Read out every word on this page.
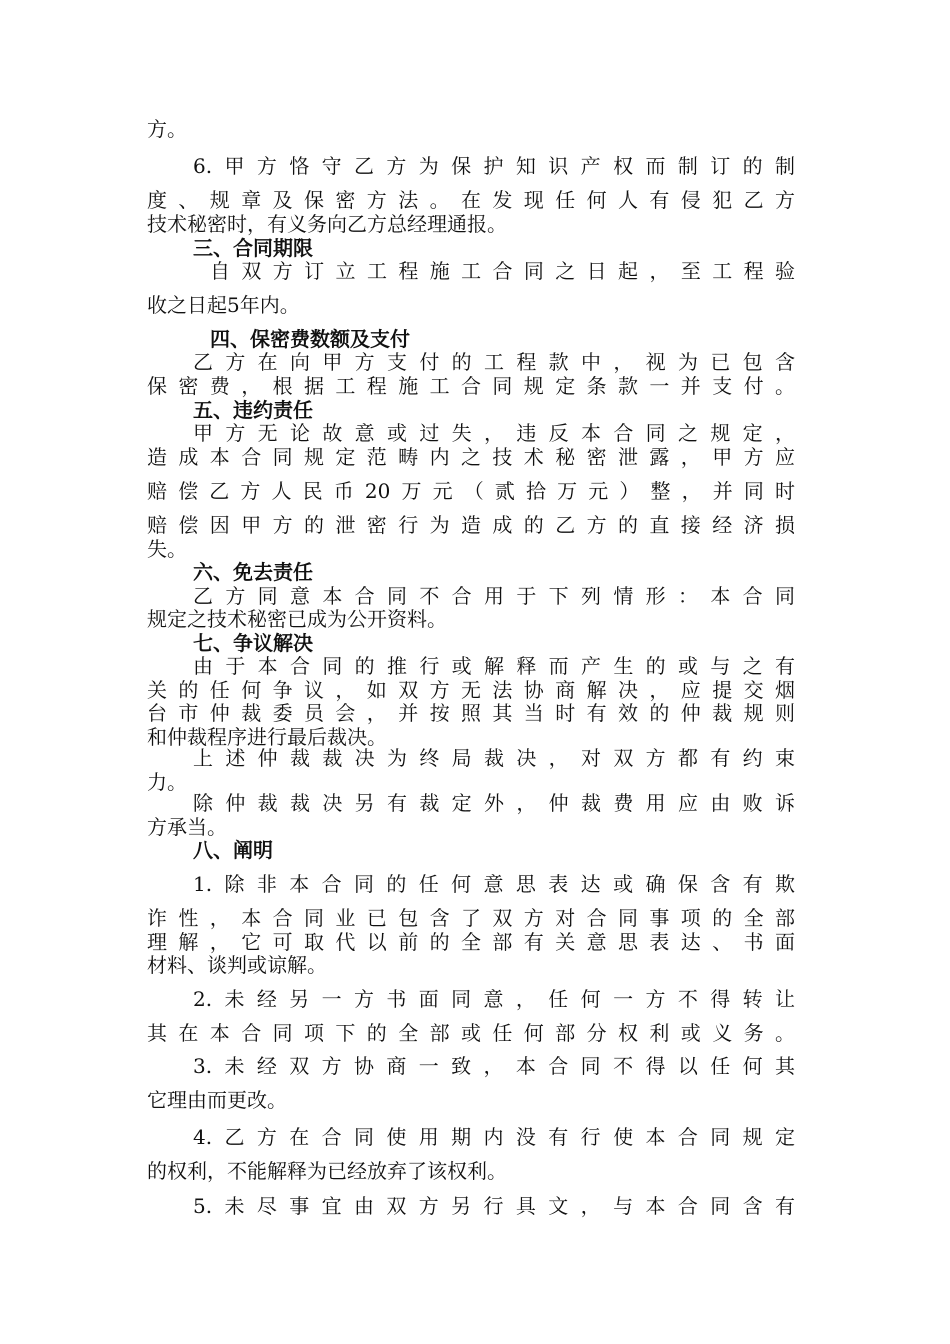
方。
6.甲方恪守乙方为保护知识产权而制订的制
度、规章及保密方法。在发现任何人有侵犯乙方
技术秘密时，有义务向乙方总经理通报。
三、合同期限
自双方订立工程施工合同之日起，至工程验
收之日起5年内。
四、保密费数额及支付
乙方在向甲方支付的工程款中，视为已包含
保密费，根据工程施工合同规定条款一并支付。
五、违约责任
甲方无论故意或过失，违反本合同之规定，
造成本合同规定范畴内之技术秘密泄露，甲方应
赔偿乙方人民币20万元（贰拾万元）整，并同时
赔偿因甲方的泄密行为造成的乙方的直接经济损
失。
六、免去责任
乙方同意本合同不合用于下列情形：本合同
规定之技术秘密已成为公开资料。
七、争议解决
由于本合同的推行或解释而产生的或与之有
关的任何争议，如双方无法协商解决，应提交烟
台市仲裁委员会，并按照其当时有效的仲裁规则
和仲裁程序进行最后裁决。
上述仲裁裁决为终局裁决，对双方都有约束
力。
除仲裁裁决另有裁定外，仲裁费用应由败诉
方承当。
八、阐明
1.除非本合同的任何意思表达或确保含有欺
诈性，本合同业已包含了双方对合同事项的全部
理解，它可取代以前的全部有关意思表达、书面
材料、谈判或谅解。
2.未经另一方书面同意，任何一方不得转让
其在本合同项下的全部或任何部分权利或义务。
3.未经双方协商一致，本合同不得以任何其
它理由而更改。
4.乙方在合同使用期内没有行使本合同规定
的权利，不能解释为已经放弃了该权利。
5.未尽事宜由双方另行具文，与本合同含有
